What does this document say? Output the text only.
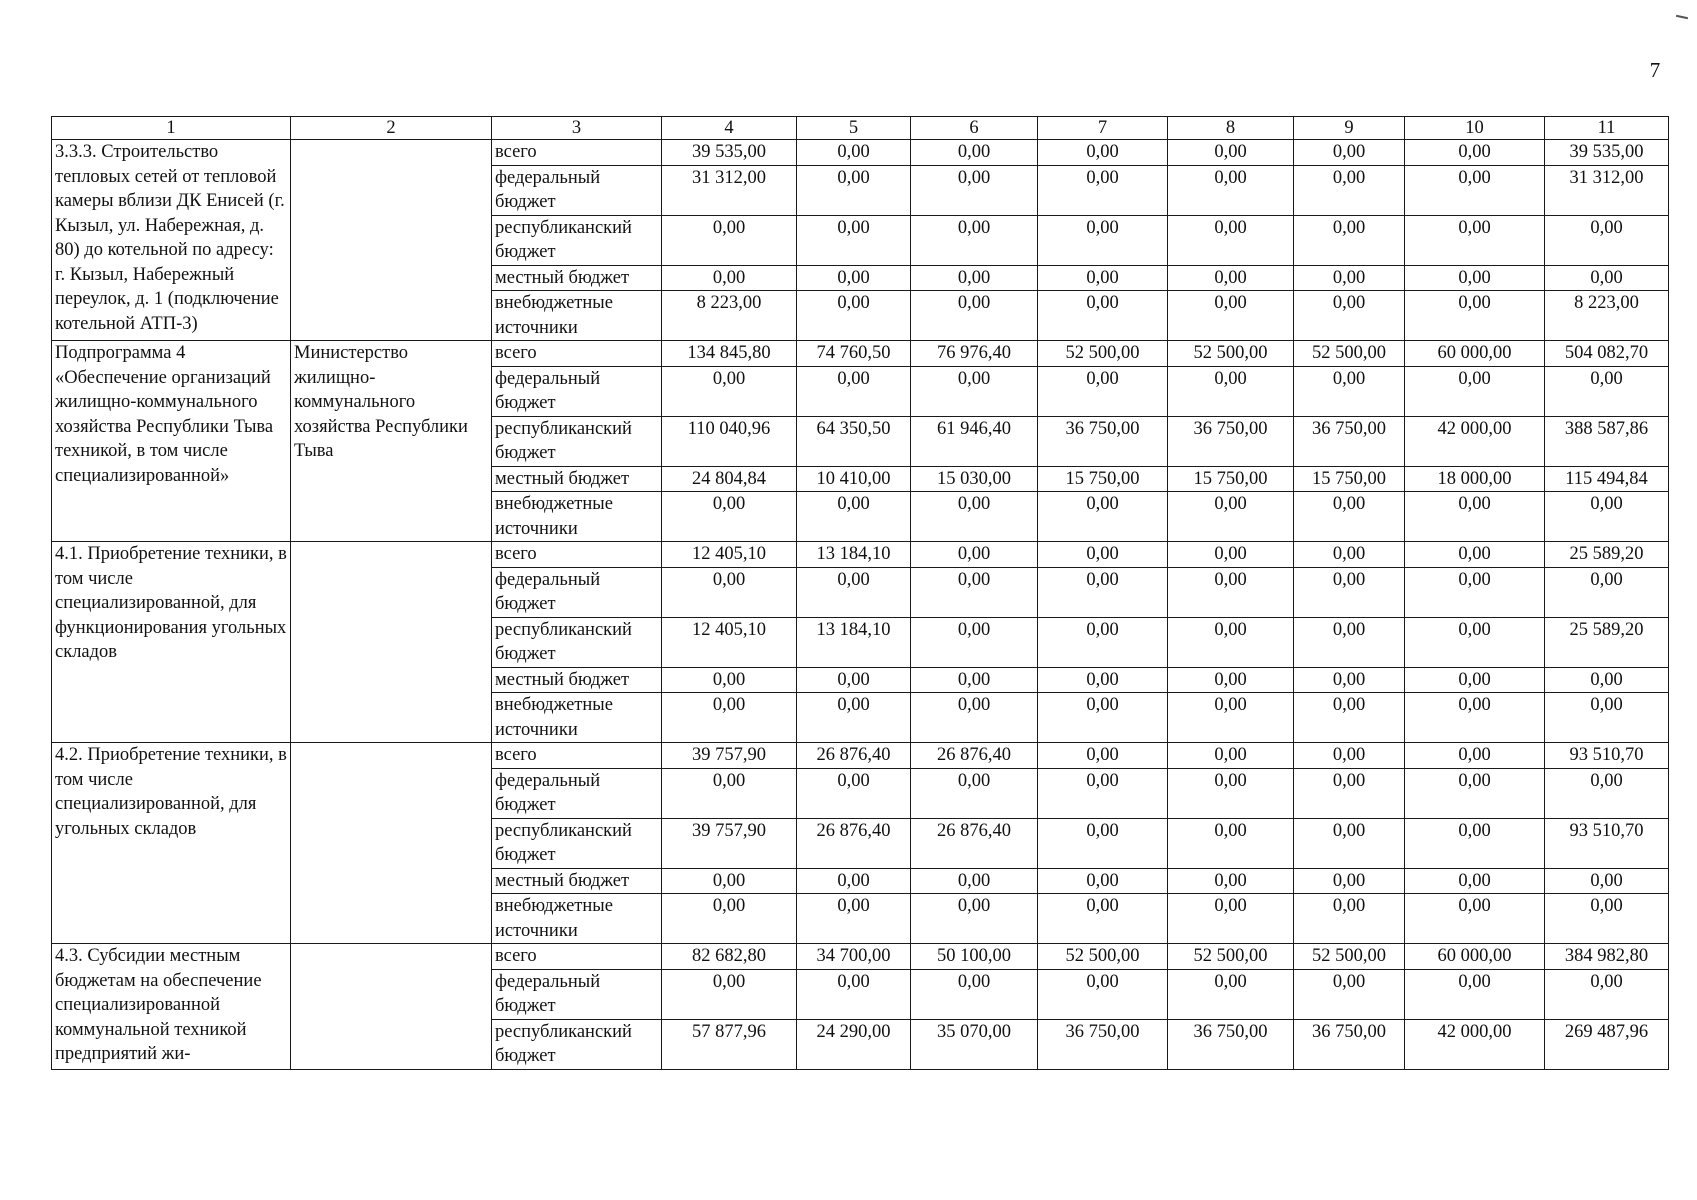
7
1	2	3	4	5	6	7	8	9	10	11
3.3.3. Строительство тепловых сетей от тепловой камеры вблизи ДК Енисей (г. Кызыл, ул. Набережная, д. 80) до котельной по адресу: г. Кызыл, Набережный переулок, д. 1 (подключение котельной АТП-3)		всего	39 535,00	0,00	0,00	0,00	0,00	0,00	0,00	39 535,00
		федеральный бюджет	31 312,00	0,00	0,00	0,00	0,00	0,00	0,00	31 312,00
		республиканский бюджет	0,00	0,00	0,00	0,00	0,00	0,00	0,00	0,00
		местный бюджет	0,00	0,00	0,00	0,00	0,00	0,00	0,00	0,00
		внебюджетные источники	8 223,00	0,00	0,00	0,00	0,00	0,00	0,00	8 223,00
Подпрограмма 4 «Обеспечение организаций жилищно-коммунального хозяйства Республики Тыва техникой, в том числе специализированной»	Министерство жилищно-коммунального хозяйства Республики Тыва	всего	134 845,80	74 760,50	76 976,40	52 500,00	52 500,00	52 500,00	60 000,00	504 082,70
		федеральный бюджет	0,00	0,00	0,00	0,00	0,00	0,00	0,00	0,00
		республиканский бюджет	110 040,96	64 350,50	61 946,40	36 750,00	36 750,00	36 750,00	42 000,00	388 587,86
		местный бюджет	24 804,84	10 410,00	15 030,00	15 750,00	15 750,00	15 750,00	18 000,00	115 494,84
		внебюджетные источники	0,00	0,00	0,00	0,00	0,00	0,00	0,00	0,00
4.1. Приобретение техники, в том числе специализированной, для функционирования угольных складов		всего	12 405,10	13 184,10	0,00	0,00	0,00	0,00	0,00	25 589,20
		федеральный бюджет	0,00	0,00	0,00	0,00	0,00	0,00	0,00	0,00
		республиканский бюджет	12 405,10	13 184,10	0,00	0,00	0,00	0,00	0,00	25 589,20
		местный бюджет	0,00	0,00	0,00	0,00	0,00	0,00	0,00	0,00
		внебюджетные источники	0,00	0,00	0,00	0,00	0,00	0,00	0,00	0,00
4.2. Приобретение техники, в том числе специализированной, для угольных складов		всего	39 757,90	26 876,40	26 876,40	0,00	0,00	0,00	0,00	93 510,70
		федеральный бюджет	0,00	0,00	0,00	0,00	0,00	0,00	0,00	0,00
		республиканский бюджет	39 757,90	26 876,40	26 876,40	0,00	0,00	0,00	0,00	93 510,70
		местный бюджет	0,00	0,00	0,00	0,00	0,00	0,00	0,00	0,00
		внебюджетные источники	0,00	0,00	0,00	0,00	0,00	0,00	0,00	0,00
4.3. Субсидии местным бюджетам на обеспечение специализированной коммунальной техникой предприятий жи-		всего	82 682,80	34 700,00	50 100,00	52 500,00	52 500,00	52 500,00	60 000,00	384 982,80
		федеральный бюджет	0,00	0,00	0,00	0,00	0,00	0,00	0,00	0,00
		республиканский бюджет	57 877,96	24 290,00	35 070,00	36 750,00	36 750,00	36 750,00	42 000,00	269 487,96
